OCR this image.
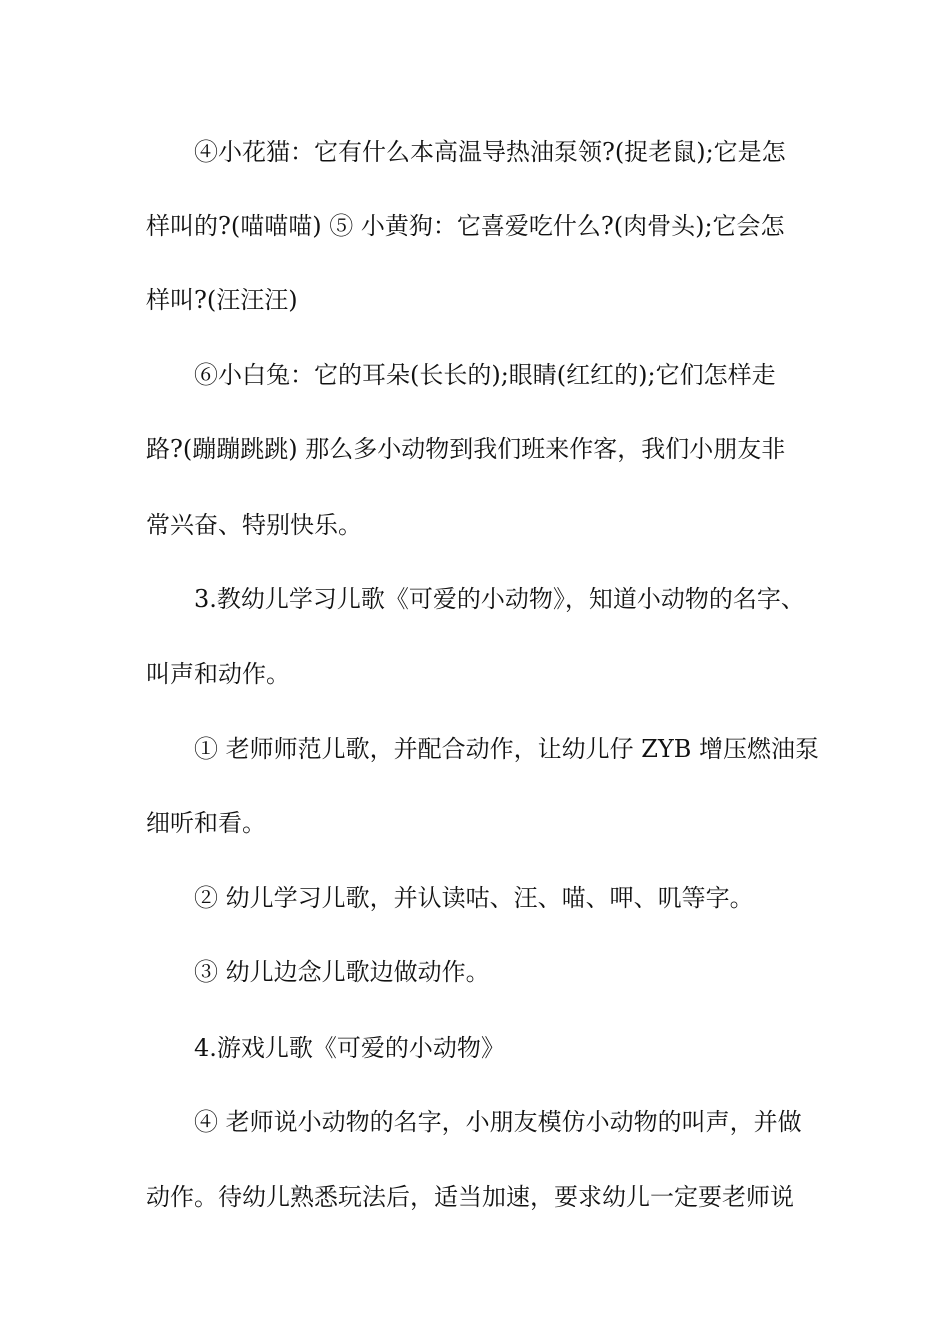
④小花猫：它有什么本高温导热油泵领?(捉老鼠);它是怎
样叫的?(喵喵喵) ⑤ 小黄狗：它喜爱吃什么?(肉骨头);它会怎
样叫?(汪汪汪)
⑥小白兔：它的耳朵(长长的);眼睛(红红的);它们怎样走
路?(蹦蹦跳跳) 那么多小动物到我们班来作客，我们小朋友非
常兴奋、特别快乐。
3.教幼儿学习儿歌《可爱的小动物》，知道小动物的名字、
叫声和动作。
① 老师师范儿歌，并配合动作，让幼儿仔 ZYB 增压燃油泵
细听和看。
② 幼儿学习儿歌，并认读咕、汪、喵、呷、叽等字。
③ 幼儿边念儿歌边做动作。
4.游戏儿歌《可爱的小动物》
④ 老师说小动物的名字，小朋友模仿小动物的叫声，并做
动作。待幼儿熟悉玩法后，适当加速，要求幼儿一定要老师说
